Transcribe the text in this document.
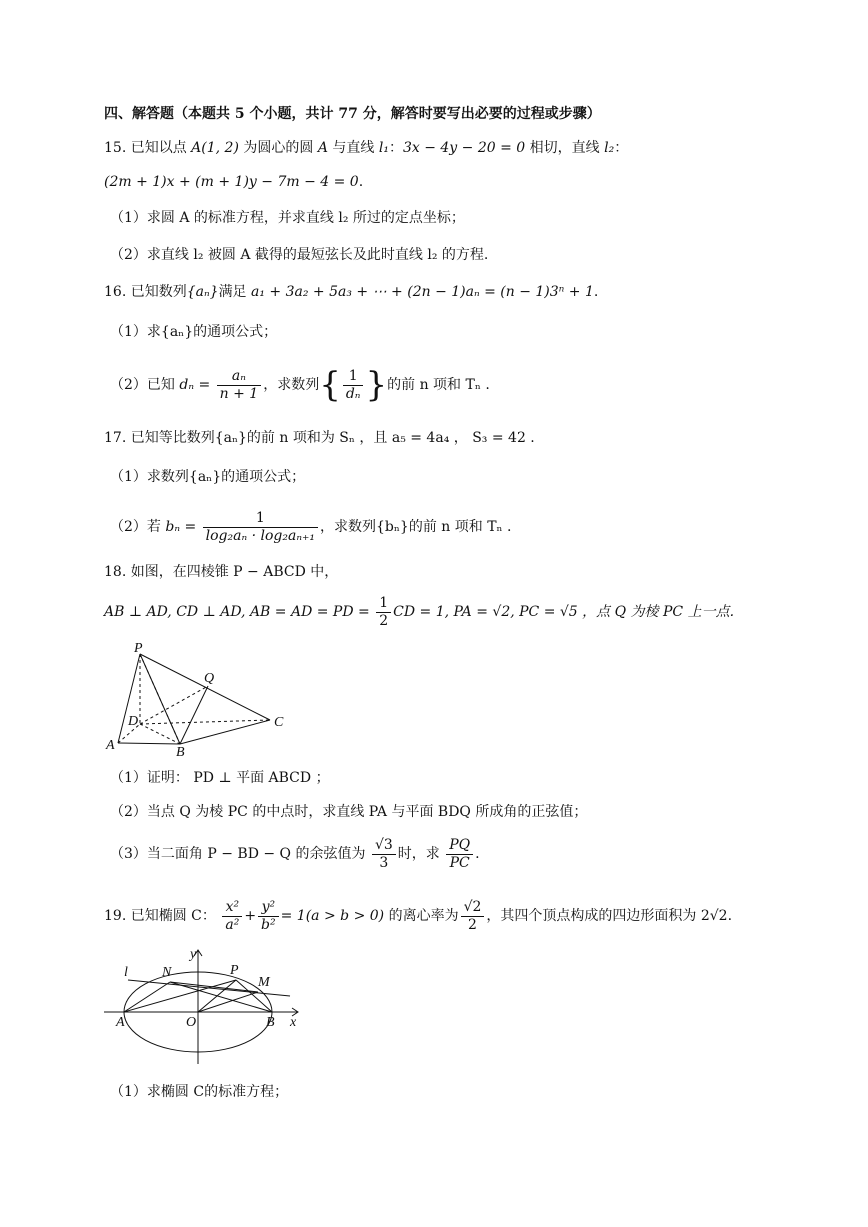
四、解答题（本题共 5 个小题，共计 77 分，解答时要写出必要的过程或步骤）
15. 已知以点 A(1, 2) 为圆心的圆 A 与直线 l₁：3x − 4y − 20 = 0 相切，直线 l₂：
(2m + 1)x + (m + 1)y − 7m − 4 = 0.
（1）求圆 A 的标准方程，并求直线 l₂ 所过的定点坐标；
（2）求直线 l₂ 被圆 A 截得的最短弦长及此时直线 l₂ 的方程.
16. 已知数列{aₙ}满足 a₁ + 3a₂ + 5a₃ + ⋯ + (2n − 1)aₙ = (n − 1)3ⁿ + 1.
（1）求{aₙ}的通项公式；
（2）已知 $d_n = \frac{\text{aₙ}}{n + 1}$ ，求数列{ $\frac{1}{\text{dₙ}}$ }的前 n 项和 Tₙ .
17. 已知等比数列{aₙ}的前 n 项和为 Sₙ ，且 a₅ = 4a₄ ， S₃ = 42 .
（1）求数列{aₙ}的通项公式；
（2）若 $b_n = \frac{1}{\text{log₂aₙ · log₂aₙ₊₁}}$ ，求数列{bₙ}的前 n 项和 Tₙ .
18. 如图，在四棱锥 P − ABCD 中，
AB ⊥ AD, CD ⊥ AD, AB = AD = PD = $\frac{1}{2}$ CD = 1, PA = √2, PC = √5 ，点 Q 为棱 PC 上一点.
P
Q
D
A	B
C
（1）证明： PD ⊥ 平面 ABCD ；
（2）当点 Q 为棱 PC 的中点时，求直线 PA 与平面 BDQ 所成角的正弦值；
（3）当二面角 P − BD − Q 的余弦值为 $\frac{√3}{3}$ 时，求 $\frac{PQ}{PC}$ .
19. 已知椭圆 C： $\frac{\text{x²}}{\text{a²}} + \frac{\text{y²}}{\text{b²}} = 1(a > b > 0)$ 的离心率为 $\frac{√2}{2}$ ，其四个顶点构成的四边形面积为 2√2.
y
l N	P
M
A	O	B x
（1）求椭圆 C的标准方程；
